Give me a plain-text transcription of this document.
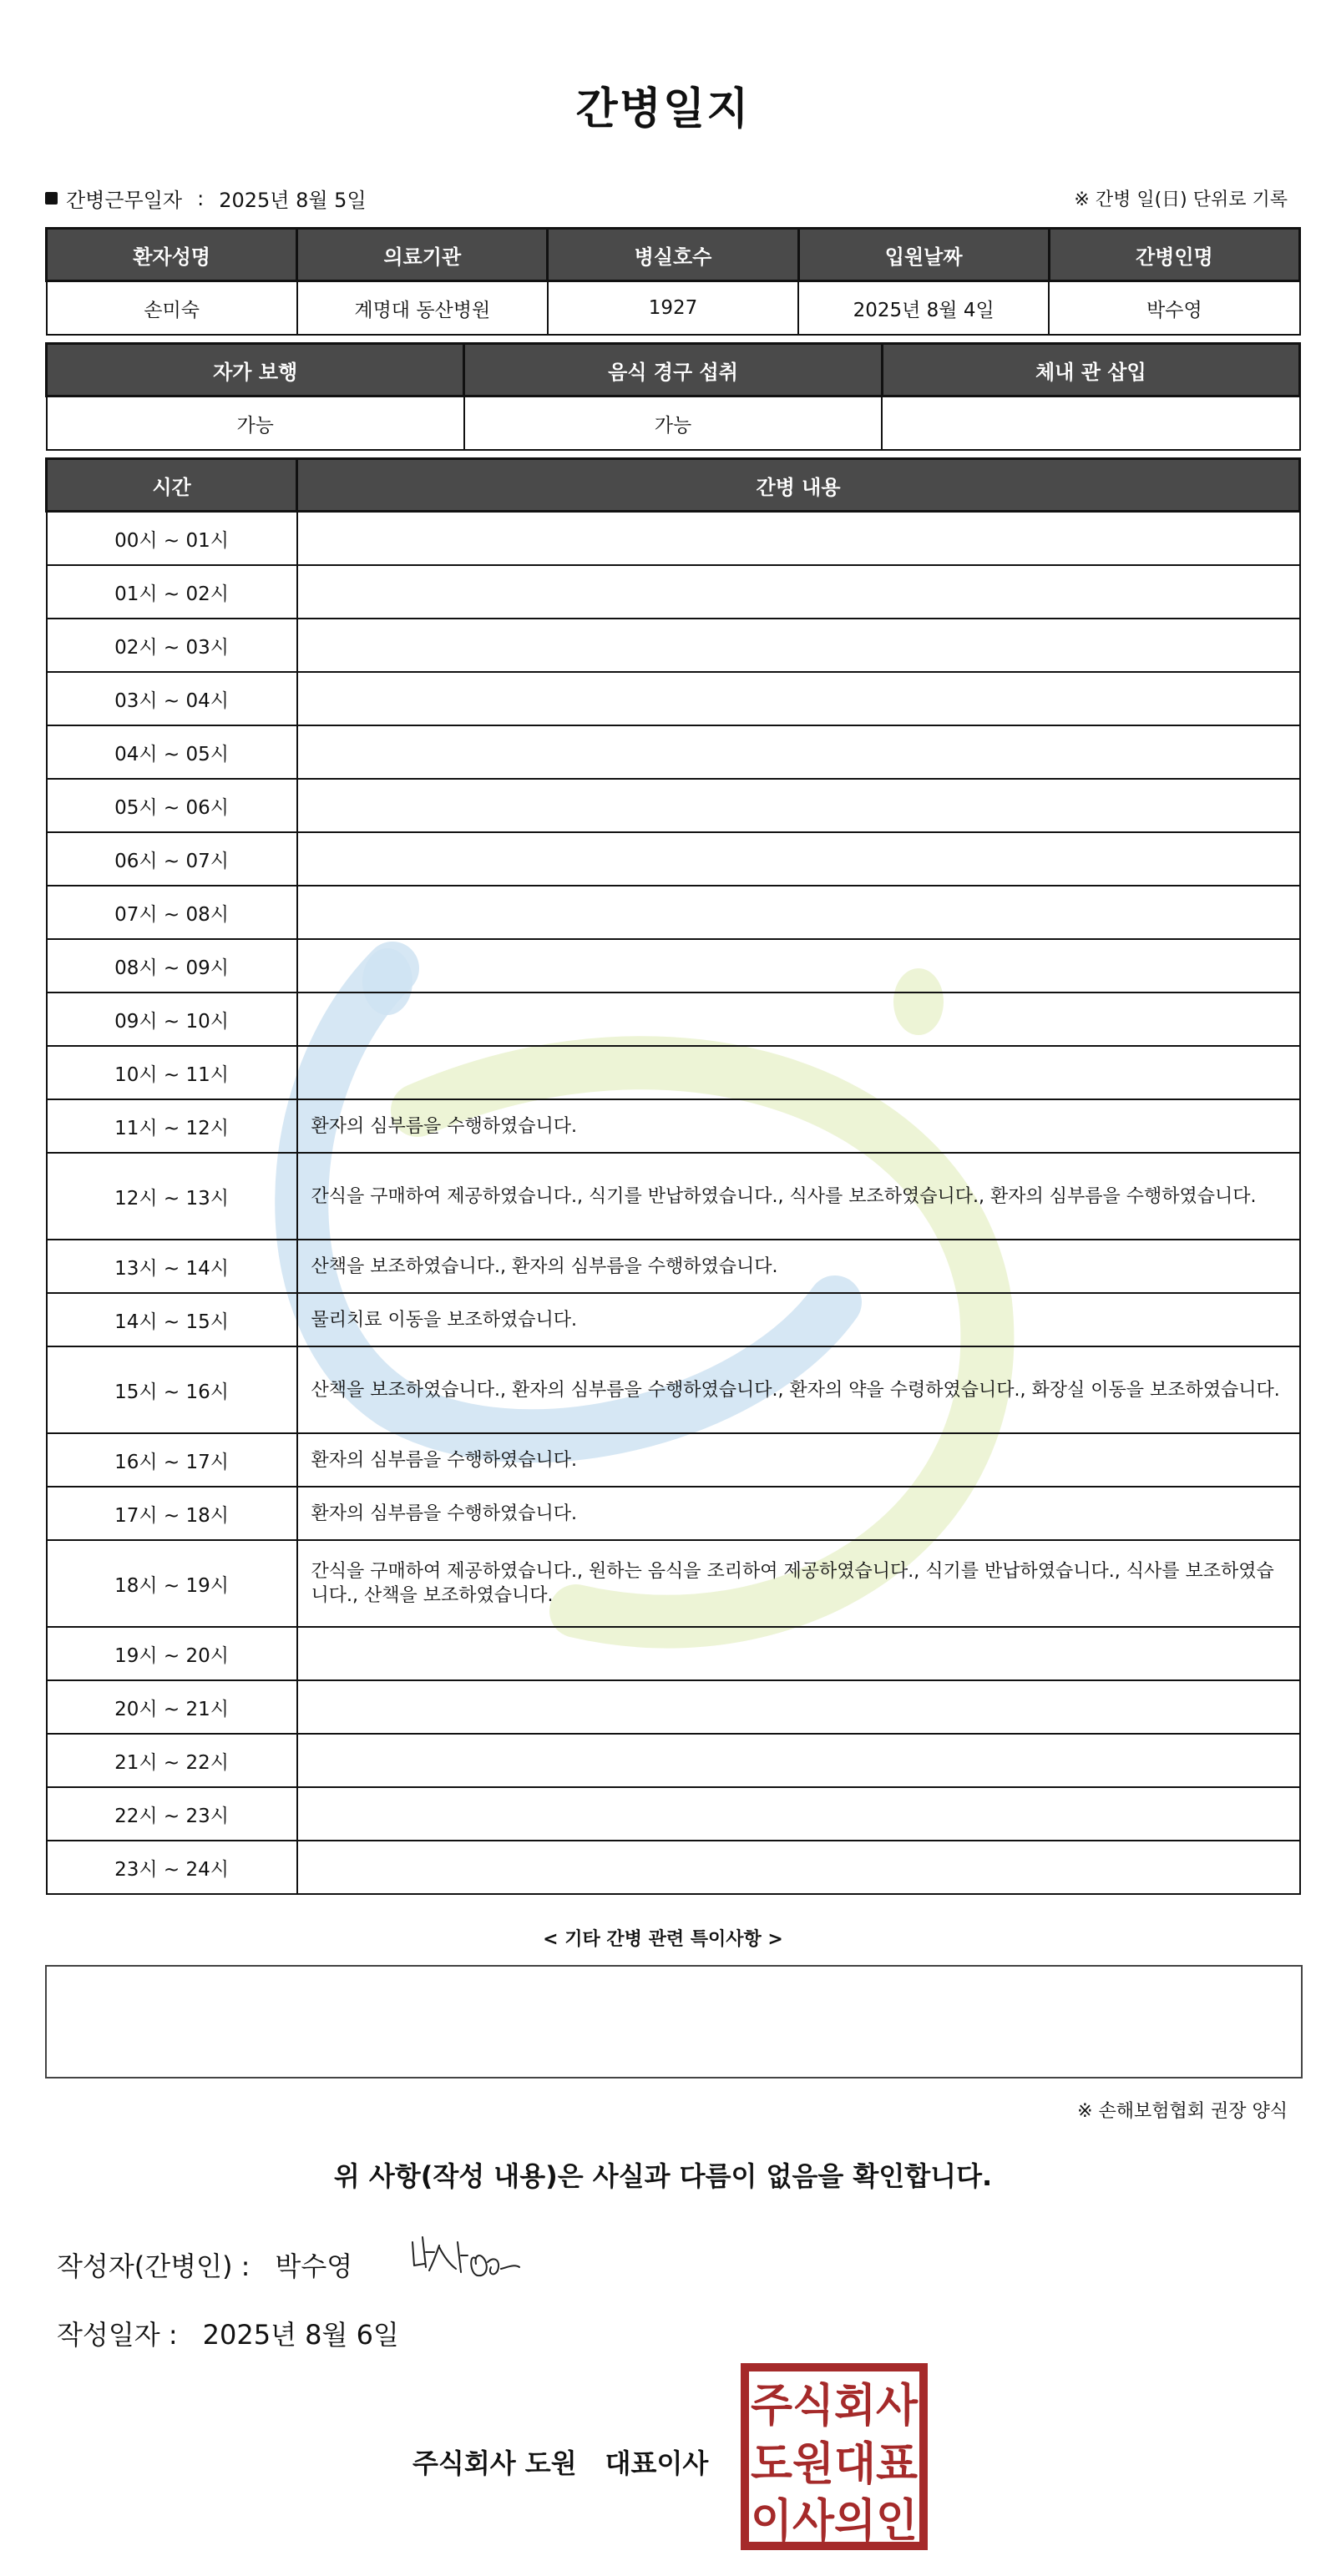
간병일지
간병근무일자 : 2025년 8월 5일	※ 간병 일(日) 단위로 기록
환자성명	의료기관	병실호수	입원날짜	간병인명
손미숙	계명대 동산병원	1927	2025년 8월 4일	박수영
자가 보행	음식 경구 섭취	체내 관 삽입
가능	가능	
시간	간병 내용
00시 ~ 01시	
01시 ~ 02시	
02시 ~ 03시	
03시 ~ 04시	
04시 ~ 05시	
05시 ~ 06시	
06시 ~ 07시	
07시 ~ 08시	
08시 ~ 09시	
09시 ~ 10시	
10시 ~ 11시	
11시 ~ 12시	환자의 심부름을 수행하였습니다.
12시 ~ 13시	간식을 구매하여 제공하였습니다., 식기를 반납하였습니다., 식사를 보조하였습니다., 환자의 심부름을 수행하였습니다.
13시 ~ 14시	산책을 보조하였습니다., 환자의 심부름을 수행하였습니다.
14시 ~ 15시	물리치료 이동을 보조하였습니다.
15시 ~ 16시	산책을 보조하였습니다., 환자의 심부름을 수행하였습니다., 환자의 약을 수령하였습니다., 화장실 이동을 보조하였습니다.
16시 ~ 17시	환자의 심부름을 수행하였습니다.
17시 ~ 18시	환자의 심부름을 수행하였습니다.
18시 ~ 19시	간식을 구매하여 제공하였습니다., 원하는 음식을 조리하여 제공하였습니다., 식기를 반납하였습니다., 식사를 보조하였습니다., 산책을 보조하였습니다.
19시 ~ 20시	
20시 ~ 21시	
21시 ~ 22시	
22시 ~ 23시	
23시 ~ 24시	
< 기타 간병 관련 특이사항 >
※ 손해보험협회 권장 양식
위 사항(작성 내용)은 사실과 다름이 없음을 확인합니다.
작성자(간병인) : 박수영
작성일자 : 2025년 8월 6일
주식회사 도원 대표이사
주식회사
도원대표
이사의인
